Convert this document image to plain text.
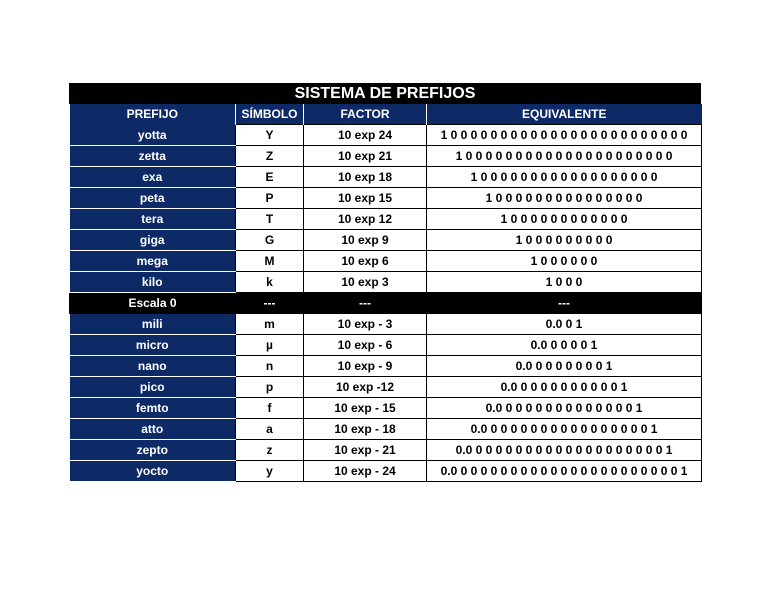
SISTEMA DE PREFIJOS
PREFIJO	SÍMBOLO	FACTOR	EQUIVALENTE
yotta	Y	10 exp 24	1 0 0 0 0 0 0 0 0 0 0 0 0 0 0 0 0 0 0 0 0 0 0 0 0
zetta	Z	10 exp 21	1 0 0 0 0 0 0 0 0 0 0 0 0 0 0 0 0 0 0 0 0 0
exa	E	10 exp 18	1 0 0 0 0 0 0 0 0 0 0 0 0 0 0 0 0 0 0
peta	P	10 exp 15	1 0 0 0 0 0 0 0 0 0 0 0 0 0 0 0
tera	T	10 exp 12	1 0 0 0 0 0 0 0 0 0 0 0 0
giga	G	10 exp 9	1 0 0 0 0 0 0 0 0 0
mega	M	10 exp 6	1 0 0 0 0 0 0
kilo	k	10 exp 3	1 0 0 0
Escala 0	---	---	---
mili	m	10 exp - 3	0.0 0 1
micro	µ	10 exp - 6	0.0 0 0 0 0 1
nano	n	10 exp - 9	0.0 0 0 0 0 0 0 0 1
pico	p	10 exp -12	0.0 0 0 0 0 0 0 0 0 0 0 1
femto	f	10 exp - 15	0.0 0 0 0 0 0 0 0 0 0 0 0 0 0 1
atto	a	10 exp - 18	0.0 0 0 0 0 0 0 0 0 0 0 0 0 0 0 0 0 1
zepto	z	10 exp - 21	0.0 0 0 0 0 0 0 0 0 0 0 0 0 0 0 0 0 0 0 0 1
yocto	y	10 exp - 24	0.0 0 0 0 0 0 0 0 0 0 0 0 0 0 0 0 0 0 0 0 0 0 0 1
